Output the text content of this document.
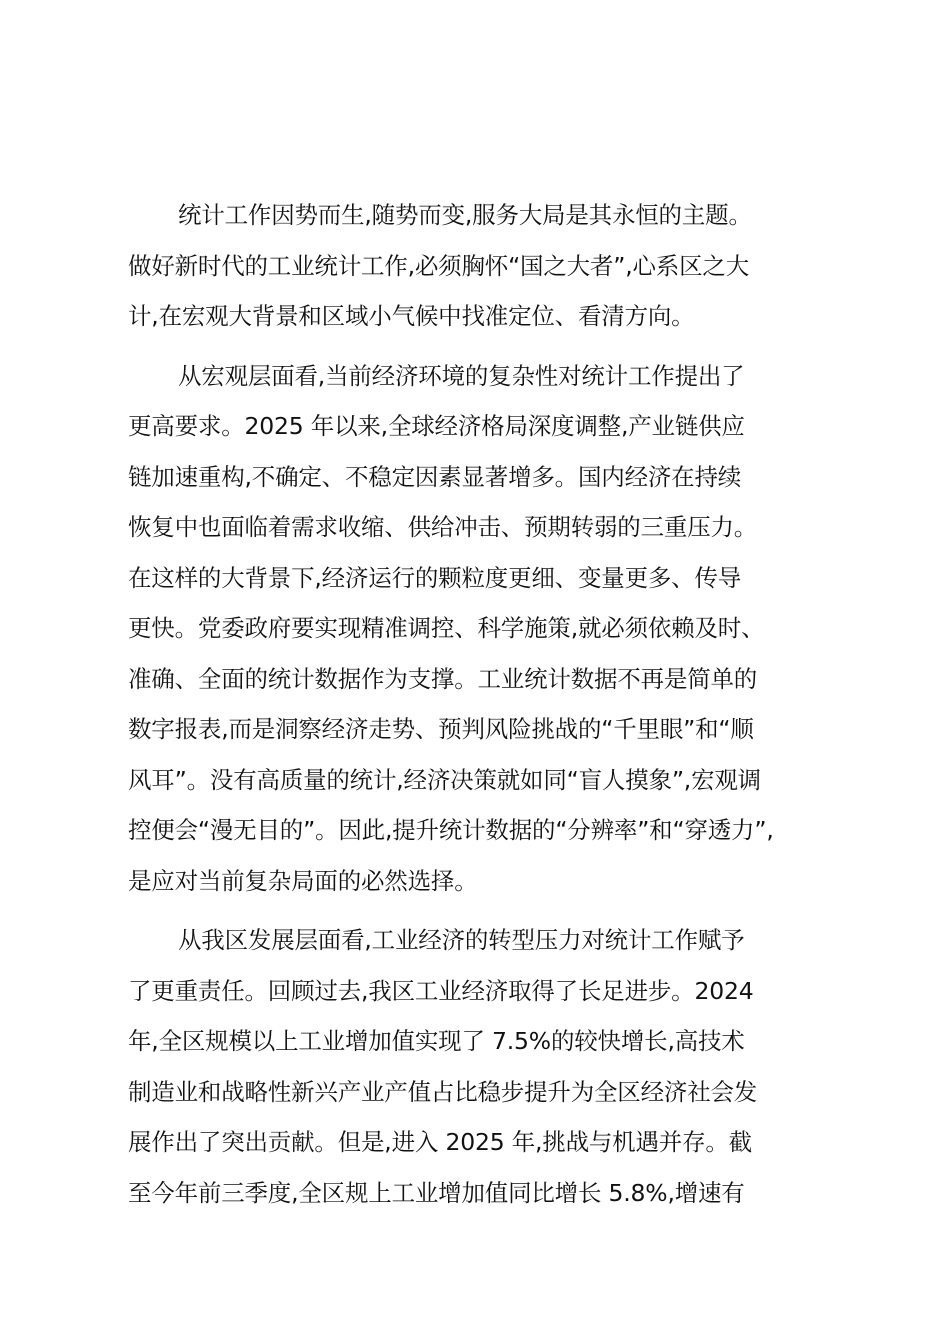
统计工作因势而生,随势而变,服务大局是其永恒的主题。
做好新时代的工业统计工作,必须胸怀“国之大者”,心系区之大
计,在宏观大背景和区域小气候中找准定位、看清方向。
从宏观层面看,当前经济环境的复杂性对统计工作提出了
更高要求。2025 年以来,全球经济格局深度调整,产业链供应
链加速重构,不确定、不稳定因素显著增多。国内经济在持续
恢复中也面临着需求收缩、供给冲击、预期转弱的三重压力。
在这样的大背景下,经济运行的颗粒度更细、变量更多、传导
更快。党委政府要实现精准调控、科学施策,就必须依赖及时、
准确、全面的统计数据作为支撑。工业统计数据不再是简单的
数字报表,而是洞察经济走势、预判风险挑战的“千里眼”和“顺
风耳”。没有高质量的统计,经济决策就如同“盲人摸象”,宏观调
控便会“漫无目的”。因此,提升统计数据的“分辨率”和“穿透力”,
是应对当前复杂局面的必然选择。
从我区发展层面看,工业经济的转型压力对统计工作赋予
了更重责任。回顾过去,我区工业经济取得了长足进步。2024
年,全区规模以上工业增加值实现了 7.5%的较快增长,高技术
制造业和战略性新兴产业产值占比稳步提升为全区经济社会发
展作出了突出贡献。但是,进入 2025 年,挑战与机遇并存。截
至今年前三季度,全区规上工业增加值同比增长 5.8%,增速有
